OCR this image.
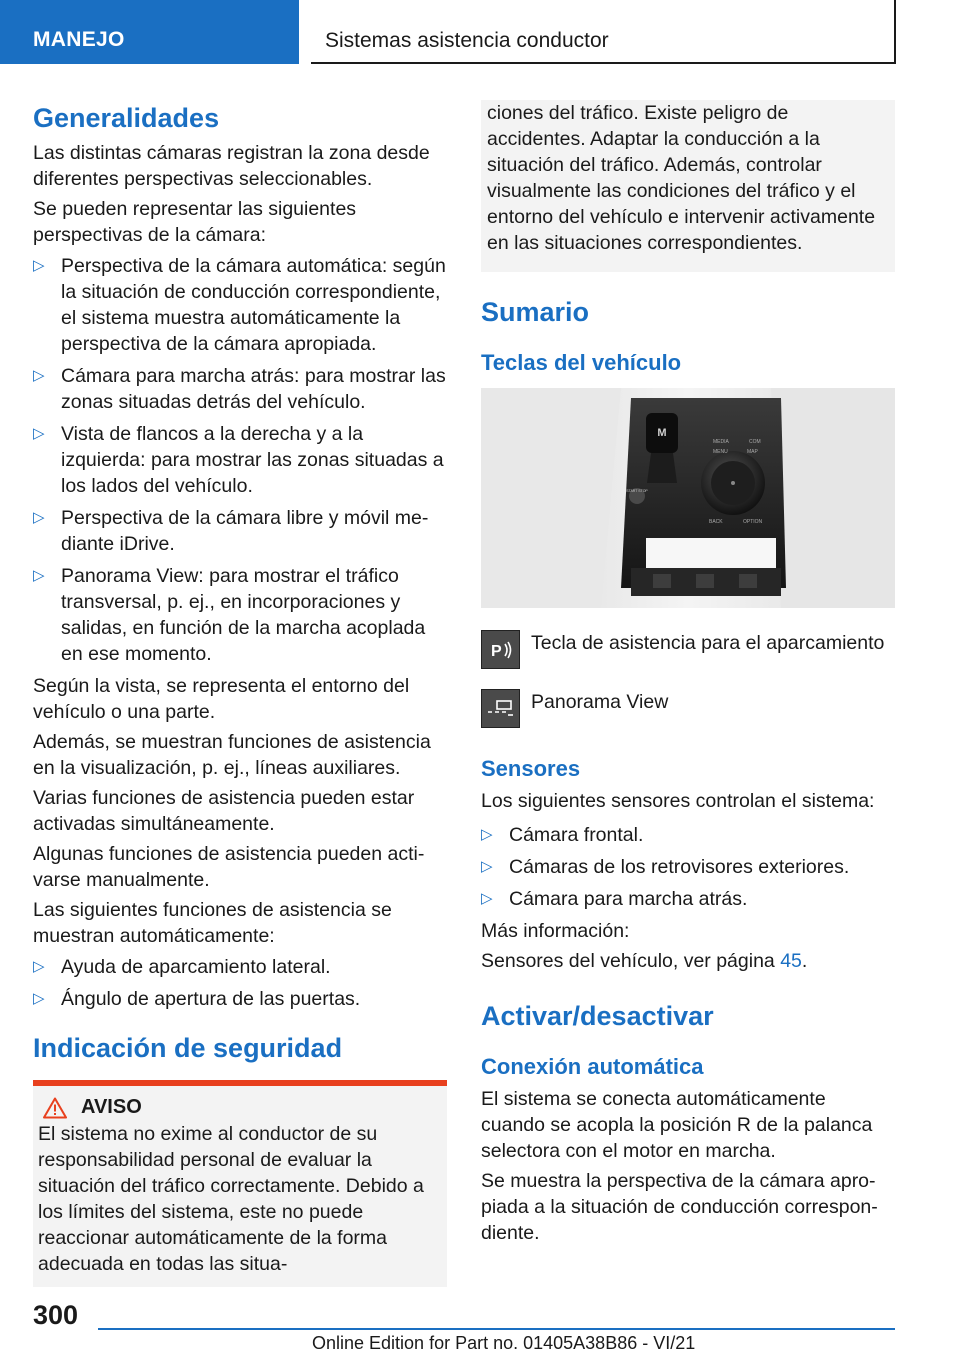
MANEJO	Sistemas asistencia conductor
Generalidades

Las distintas cámaras registran la zona desde diferentes perspectivas seleccionables.

Se pueden representar las siguientes perspectivas de la cámara:

▷ Perspectiva de la cámara automática: según la situación de conducción correspondiente, el sistema muestra automáticamente la perspectiva de la cámara apropiada.
▷ Cámara para marcha atrás: para mostrar las zonas situadas detrás del vehículo.
▷ Vista de flancos a la derecha y a la izquierda: para mostrar las zonas situadas a los lados del vehículo.
▷ Perspectiva de la cámara libre y móvil mediante iDrive.
▷ Panorama View: para mostrar el tráfico transversal, p. ej., en incorporaciones y salidas, en función de la marcha acoplada en ese momento.

Según la vista, se representa el entorno del vehículo o una parte.

Además, se muestran funciones de asistencia en la visualización, p. ej., líneas auxiliares.

Varias funciones de asistencia pueden estar activadas simultáneamente.

Algunas funciones de asistencia pueden activarse manualmente.

Las siguientes funciones de asistencia se muestran automáticamente:

▷ Ayuda de aparcamiento lateral.
▷ Ángulo de apertura de las puertas.
Indicación de seguridad
AVISO

El sistema no exime al conductor de su responsabilidad personal de evaluar la situación del tráfico correctamente. Debido a los límites del sistema, este no puede reaccionar automáticamente de la forma adecuada en todas las situa-

ciones del tráfico. Existe peligro de accidentes. Adaptar la conducción a la situación del tráfico. Además, controlar visualmente las condiciones del tráfico y el entorno del vehículo e intervenir activamente en las situaciones correspondientes.

Sumario
Teclas del vehículo
M
START STOP
MEDIA	COM
MAP
MENU
BACK	OPTION
P Tecla de asistencia para el aparcamiento
Panorama View
Sensores

Los siguientes sensores controlan el sistema:

▷ Cámara frontal.
▷ Cámaras de los retrovisores exteriores.
▷ Cámara para marcha atrás.

Más información:

Sensores del vehículo, ver página 45.

Activar/desactivar
Conexión automática

El sistema se conecta automáticamente cuando se acopla la posición R de la palanca selectora con el motor en marcha.

Se muestra la perspectiva de la cámara apropiada a la situación de conducción correspondiente.

300
Online Edition for Part no. 01405A38B86 - VI/21
